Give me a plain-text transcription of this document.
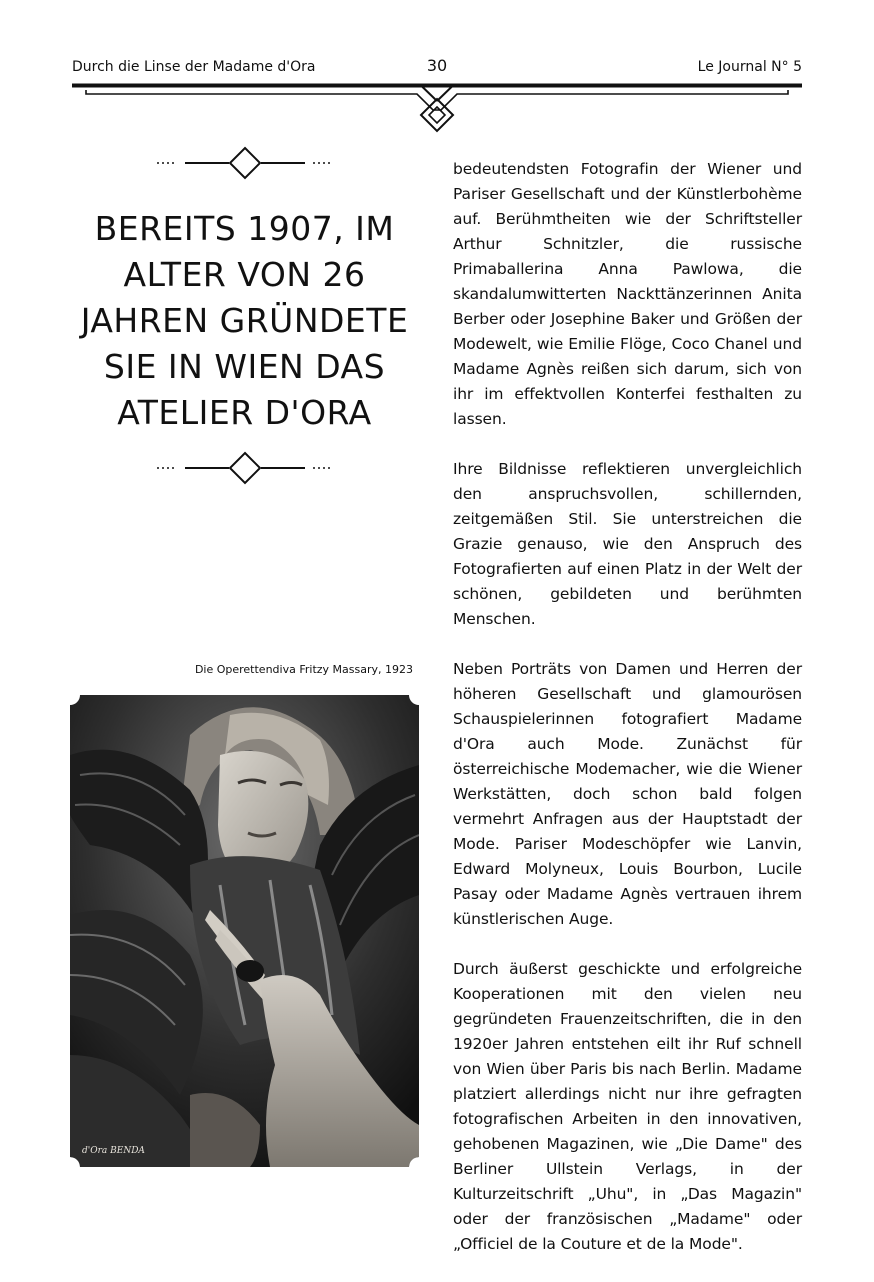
Durch die Linse der Madame d'Ora	30	Le Journal N° 5
BEREITS 1907, IM ALTER VON 26 JAHREN GRÜNDETE SIE IN WIEN DAS ATELIER D'ORA
Die Operettendiva Fritzy Massary, 1923
d'Ora BENDA

bedeutendsten Fotografin der Wiener und Pariser Gesellschaft und der Künstlerbohème auf. Berühmtheiten wie der Schriftsteller Arthur Schnitzler, die russische Primaballerina Anna Pawlowa, die skandalumwitterten Nackttänzerinnen Anita Berber oder Josephine Baker und Größen der Modewelt, wie Emilie Flöge, Coco Chanel und Madame Agnès reißen sich darum, sich von ihr im effektvollen Konterfei festhalten zu lassen.

Ihre Bildnisse reflektieren unvergleichlich den anspruchsvollen, schillernden, zeitgemäßen Stil. Sie unterstreichen die Grazie genauso, wie den Anspruch des Fotografierten auf einen Platz in der Welt der schönen, gebildeten und berühmten Menschen.

Neben Porträts von Damen und Herren der höheren Gesellschaft und glamourösen Schauspielerinnen fotografiert Madame d'Ora auch Mode. Zunächst für österreichische Modemacher, wie die Wiener Werkstätten, doch schon bald folgen vermehrt Anfragen aus der Hauptstadt der Mode. Pariser Modeschöpfer wie Lanvin, Edward Molyneux, Louis Bourbon, Lucile Pasay oder Madame Agnès vertrauen ihrem künstlerischen Auge.

Durch äußerst geschickte und erfolgreiche Kooperationen mit den vielen neu gegründeten Frauenzeitschriften, die in den 1920er Jahren entstehen eilt ihr Ruf schnell von Wien über Paris bis nach Berlin. Madame platziert allerdings nicht nur ihre gefragten fotografischen Arbeiten in den innovativen, gehobenen Magazinen, wie „Die Dame" des Berliner Ullstein Verlags, in der Kulturzeitschrift „Uhu", in „Das Magazin" oder der französischen „Madame" oder „Officiel de la Couture et de la Mode".
